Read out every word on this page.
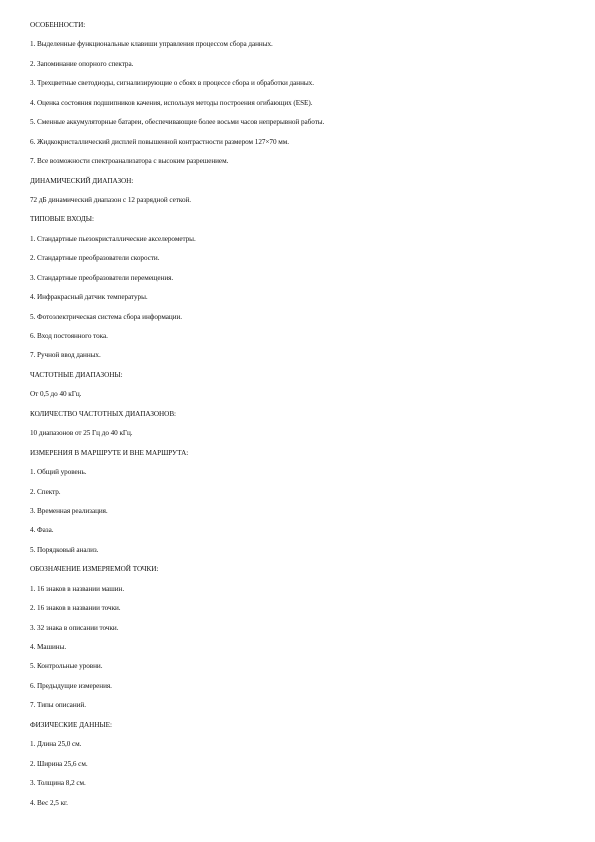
ОСОБЕННОСТИ:
1. Выделенные функциональные клавиши управления процессом сбора данных.
2. Запоминание опорного спектра.
3. Трехцветные светодиоды, сигнализирующие о сбоях в процессе сбора и обработки данных.
4. Оценка состояния подшипников качения, используя методы построения огибающих (ESE).
5. Сменные аккумуляторные батареи, обеспечивающие более восьми часов непрерывной работы.
6. Жидкокристаллический дисплей повышенной контрастности размером 127×70 мм.
7. Все возможности спектроанализатора с высоким разрешением.
ДИНАМИЧЕСКИЙ ДИАПАЗОН:
72 дБ динамический диапазон с 12 разрядной сеткой.
ТИПОВЫЕ ВХОДЫ:
1. Стандартные пьезокристаллические акселерометры.
2. Стандартные преобразователи скорости.
3. Стандартные преобразователи перемещения.
4. Инфракрасный датчик температуры.
5. Фотоэлектрическая система сбора информации.
6. Вход постоянного тока.
7. Ручной ввод данных.
ЧАСТОТНЫЕ ДИАПАЗОНЫ:
От 0,5 до 40 кГц.
КОЛИЧЕСТВО ЧАСТОТНЫХ ДИАПАЗОНОВ:
10 диапазонов от 25 Гц до 40 кГц.
ИЗМЕРЕНИЯ В МАРШРУТЕ И ВНЕ МАРШРУТА:
1. Общий уровень.
2. Спектр.
3. Временная реализация.
4. Фаза.
5. Порядковый анализ.
ОБОЗНАЧЕНИЕ ИЗМЕРЯЕМОЙ ТОЧКИ:
1. 16 знаков в названии машин.
2. 16 знаков в названии точки.
3. 32 знака в описании точки.
4. Машины.
5. Контрольные уровни.
6. Предыдущие измерения.
7. Типы описаний.
ФИЗИЧЕСКИЕ ДАННЫЕ:
1. Длина 25,0 см.
2. Ширина 25,6 см.
3. Толщина 8,2 см.
4. Вес 2,5 кг.
